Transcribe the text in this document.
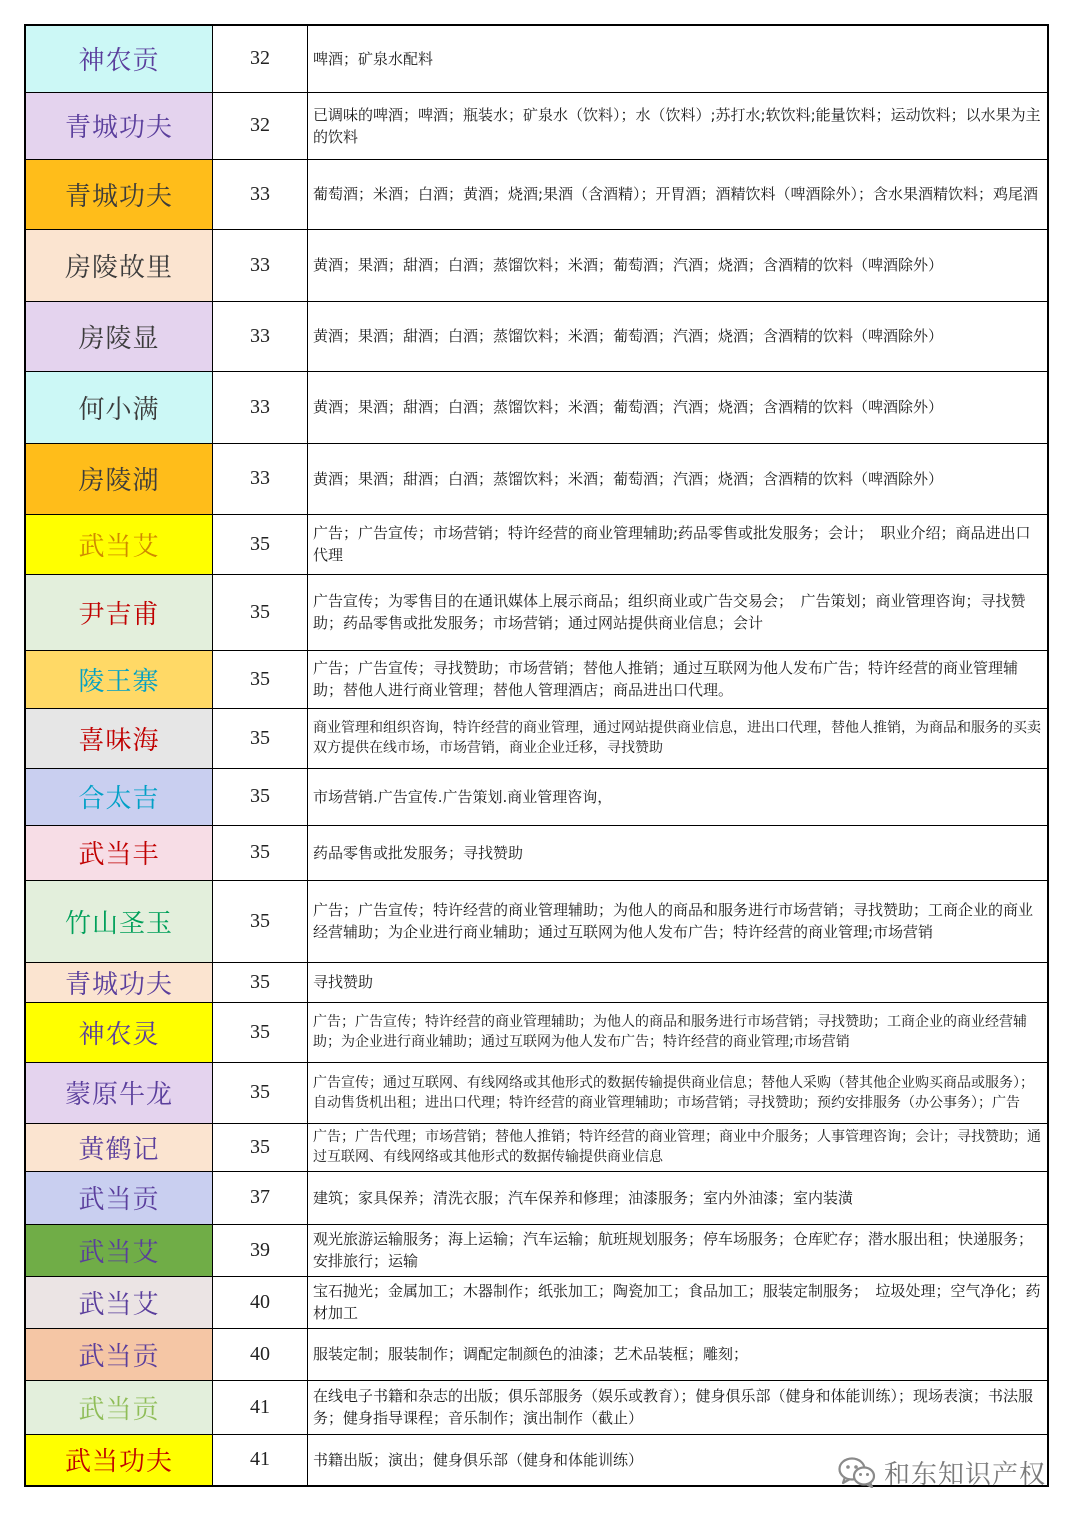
神农贡	32	啤酒；矿泉水配料

青城功夫	32	已调味的啤酒；啤酒；瓶装水；矿泉水（饮料）；水（饮料）;苏打水;软饮料;能量饮料；运动饮料；以水果为主的饮料

青城功夫	33	葡萄酒；米酒；白酒；黄酒；烧酒;果酒（含酒精）；开胃酒；酒精饮料（啤酒除外）；含水果酒精饮料；鸡尾酒

房陵故里	33	黄酒；果酒；甜酒；白酒；蒸馏饮料；米酒；葡萄酒；汽酒；烧酒；含酒精的饮料（啤酒除外）

房陵显	33	黄酒；果酒；甜酒；白酒；蒸馏饮料；米酒；葡萄酒；汽酒；烧酒；含酒精的饮料（啤酒除外）

何小满	33	黄酒；果酒；甜酒；白酒；蒸馏饮料；米酒；葡萄酒；汽酒；烧酒；含酒精的饮料（啤酒除外）

房陵湖	33	黄酒；果酒；甜酒；白酒；蒸馏饮料；米酒；葡萄酒；汽酒；烧酒；含酒精的饮料（啤酒除外）

武当艾	35	广告；广告宣传；市场营销；特许经营的商业管理辅助;药品零售或批发服务；会计；　职业介绍；商品进出口代理

尹吉甫	35	广告宣传；为零售目的在通讯媒体上展示商品；组织商业或广告交易会；　广告策划；商业管理咨询；寻找赞助；药品零售或批发服务；市场营销；通过网站提供商业信息；会计

陵王寨	35	广告；广告宣传；寻找赞助；市场营销；替他人推销；通过互联网为他人发布广告；特许经营的商业管理辅助；替他人进行商业管理；替他人管理酒店；商品进出口代理。

喜味海	35	商业管理和组织咨询，特许经营的商业管理，通过网站提供商业信息，进出口代理，替他人推销，为商品和服务的买卖双方提供在线市场，市场营销，商业企业迁移，寻找赞助

合太吉	35	市场营销.广告宣传.广告策划.商业管理咨询，

武当丰	35	药品零售或批发服务；寻找赞助

竹山圣玉	35	广告；广告宣传；特许经营的商业管理辅助；为他人的商品和服务进行市场营销；寻找赞助；工商企业的商业经营辅助；为企业进行商业辅助；通过互联网为他人发布广告；特许经营的商业管理;市场营销

青城功夫	35	寻找赞助

神农灵	35	广告；广告宣传；特许经营的商业管理辅助；为他人的商品和服务进行市场营销；寻找赞助；工商企业的商业经营辅助；为企业进行商业辅助；通过互联网为他人发布广告；特许经营的商业管理;市场营销

蒙原牛龙	35	广告宣传；通过互联网、有线网络或其他形式的数据传输提供商业信息；替他人采购（替其他企业购买商品或服务）；自动售货机出租；进出口代理；特许经营的商业管理辅助；市场营销；寻找赞助；预约安排服务（办公事务）；广告

黄鹤记	35	广告；广告代理；市场营销；替他人推销；特许经营的商业管理；商业中介服务；人事管理咨询；会计；寻找赞助；通过互联网、有线网络或其他形式的数据传输提供商业信息

武当贡	37	建筑；家具保养；清洗衣服；汽车保养和修理；油漆服务；室内外油漆；室内装潢

武当艾	39	观光旅游运输服务；海上运输；汽车运输；航班规划服务；停车场服务；仓库贮存；潜水服出租；快递服务；安排旅行；运输

武当艾	40	宝石抛光；金属加工；木器制作；纸张加工；陶瓷加工；食品加工；服装定制服务；　垃圾处理；空气净化；药材加工

武当贡	40	服装定制；服装制作；调配定制颜色的油漆；艺术品装框；雕刻；

武当贡	41	在线电子书籍和杂志的出版；俱乐部服务（娱乐或教育）；健身俱乐部（健身和体能训练）；现场表演；书法服务；健身指导课程；音乐制作；演出制作（截止）

武当功夫	41	书籍出版；演出；健身俱乐部（健身和体能训练）	和东知识产权
